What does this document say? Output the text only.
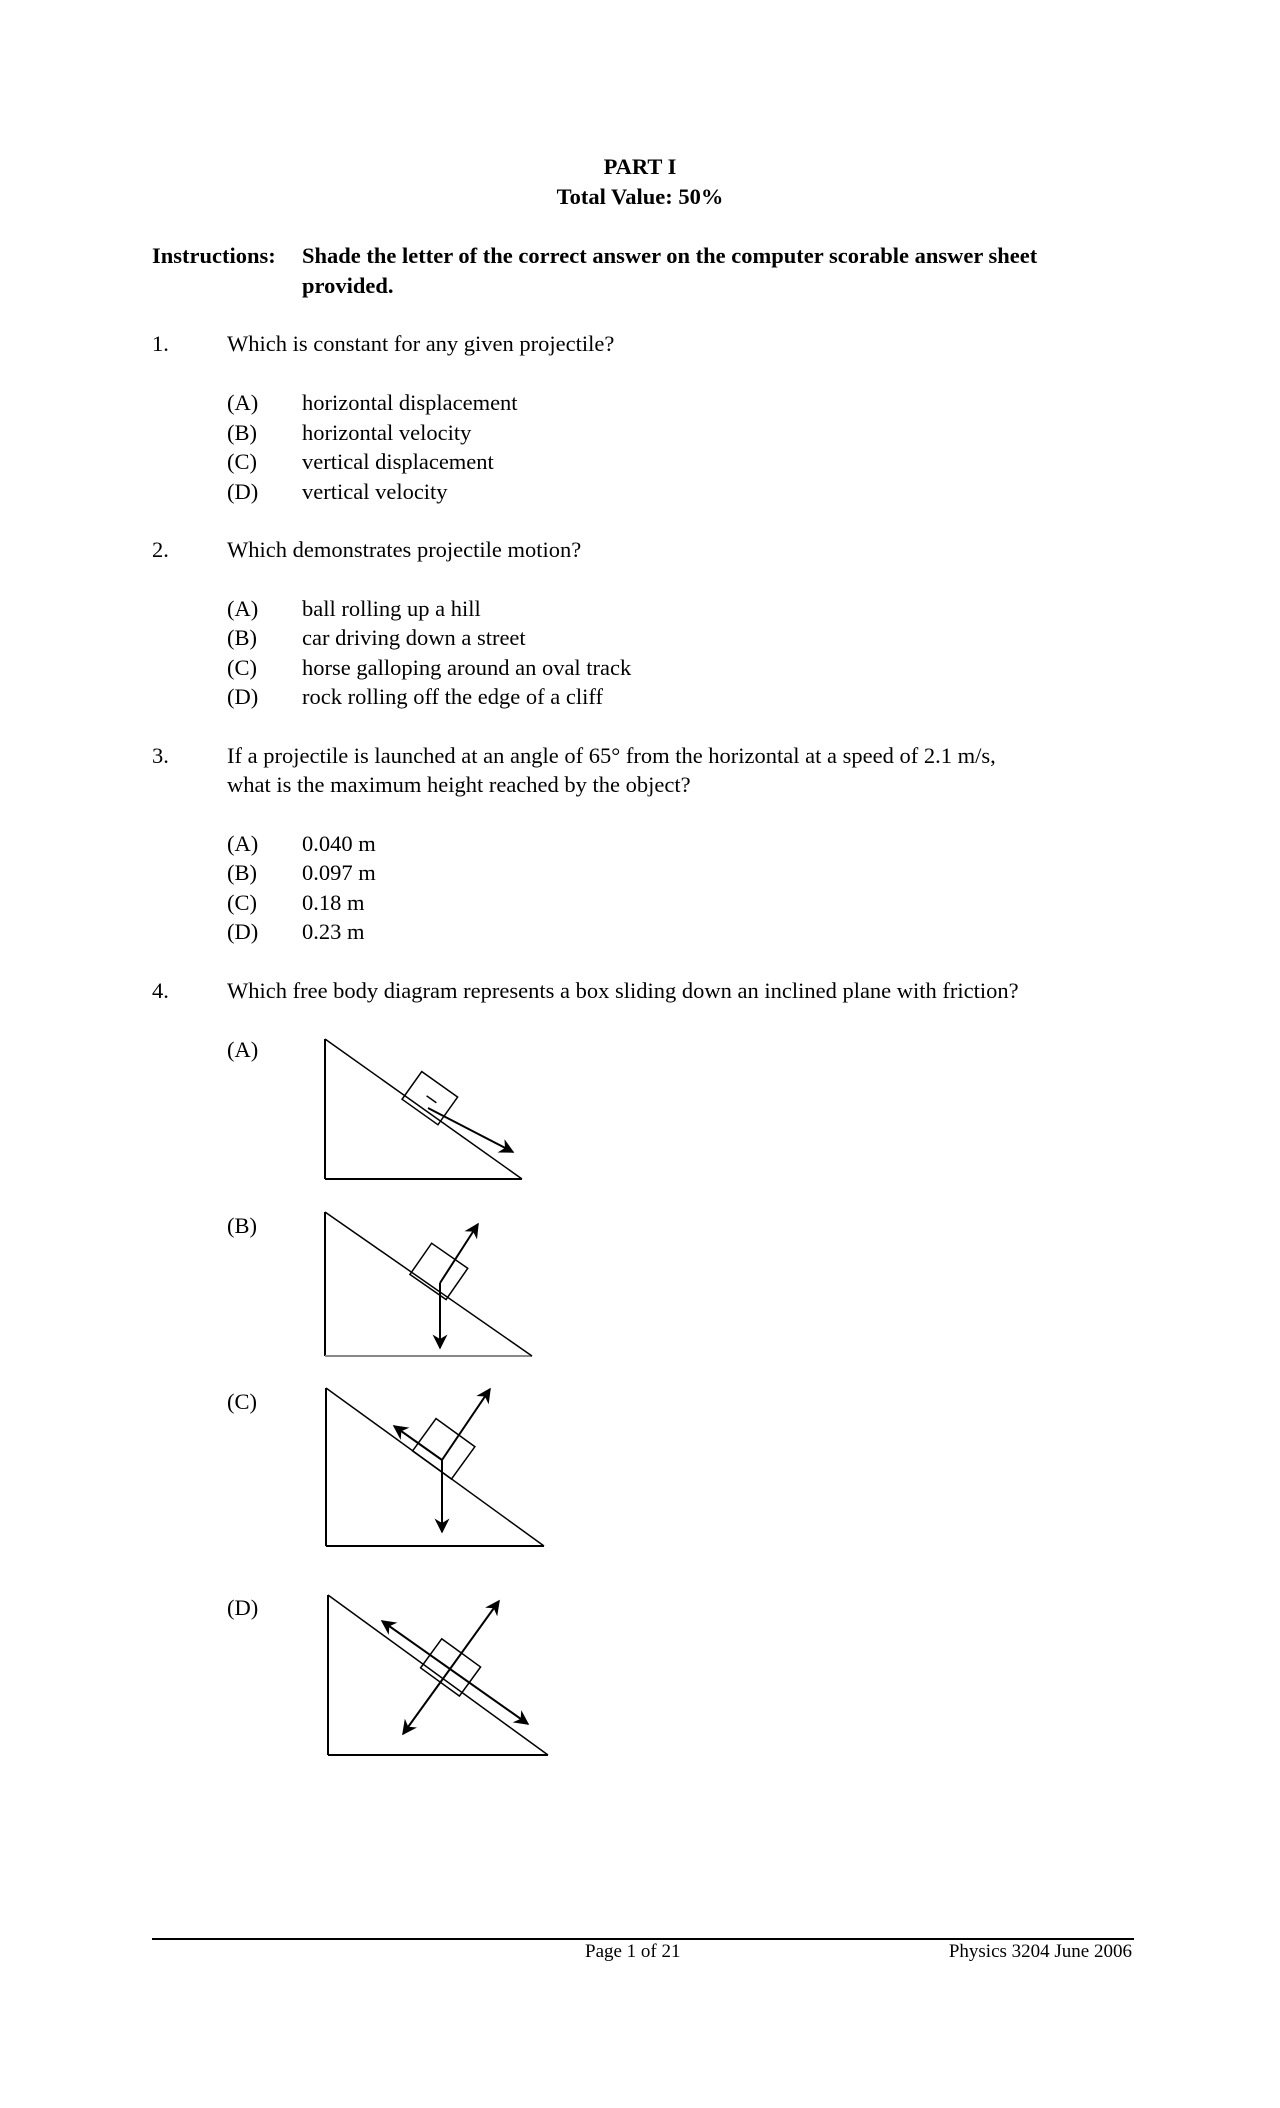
PART I
Total Value: 50%
Instructions: Shade the letter of the correct answer on the computer scorable answer sheet
provided.
1.	Which is constant for any given projectile?
(A) horizontal displacement
(B) horizontal velocity
(C) vertical displacement
(D) vertical velocity
2.	Which demonstrates projectile motion?
(A) ball rolling up a hill
(B) car driving down a street
(C) horse galloping around an oval track
(D) rock rolling off the edge of a cliff
3.	If a projectile is launched at an angle of 65° from the horizontal at a speed of 2.1 m/s,
what is the maximum height reached by the object?
(A) 0.040 m
(B) 0.097 m
(C) 0.18 m
(D) 0.23 m
4.	Which free body diagram represents a box sliding down an inclined plane with friction?
(A)
(B)
(C)
(D)
Page 1 of 21	Physics 3204 June 2006
